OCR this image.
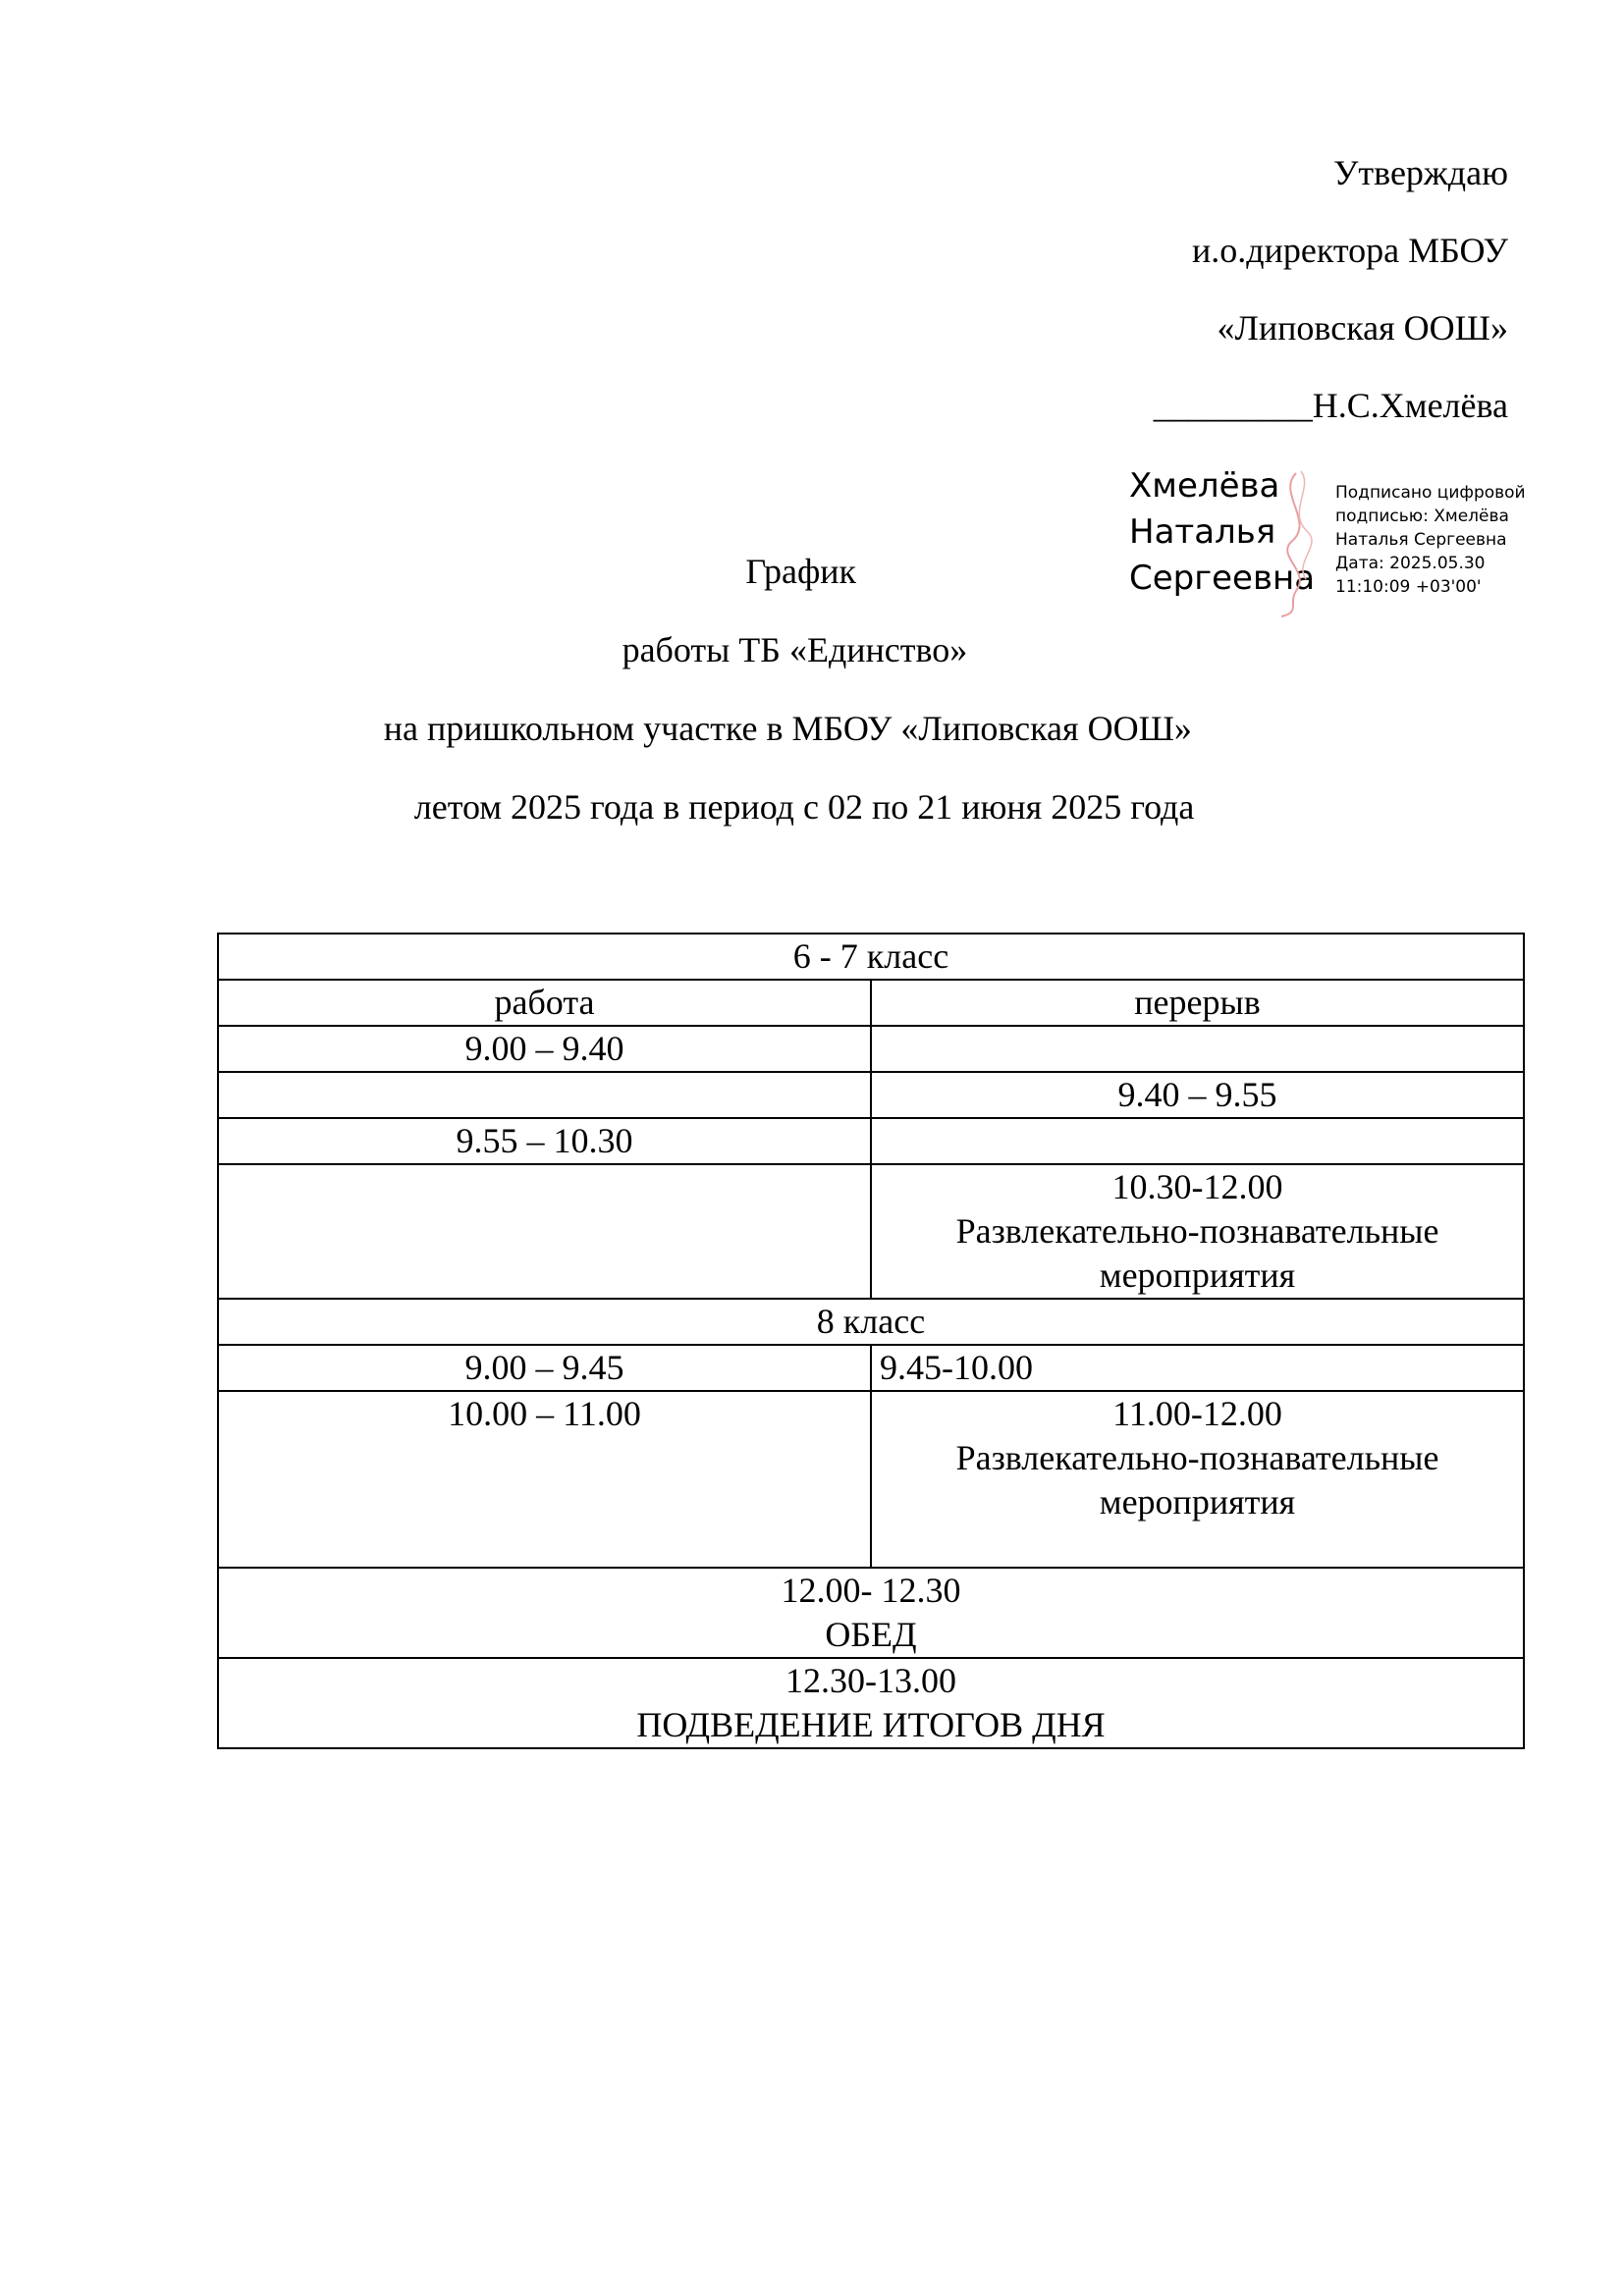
Утверждаю
и.о.директора МБОУ
«Липовская ООШ»
_________Н.С.Хмелёва
Хмелёва
Наталья
Сергеевна
Подписано цифровой
подписью: Хмелёва
Наталья Сергеевна
Дата: 2025.05.30
11:10:09 +03'00'
График
работы ТБ «Единство»
на пришкольном участке в МБОУ «Липовская ООШ»
летом 2025 года в период с 02 по 21 июня 2025 года
6 - 7 класс	
работа	перерыв
9.00 – 9.40	
	9.40 – 9.55
9.55 – 10.30	

	10.30-12.00
Развлекательно-познавательные
мероприятия

8 класс	
9.00 – 9.45	9.45-10.00
10.00 – 11.00	11.00-12.00
Развлекательно-познавательные
мероприятия

12.00- 12.30
ОБЕД	

12.30-13.00
ПОДВЕДЕНИЕ ИТОГОВ ДНЯ	
